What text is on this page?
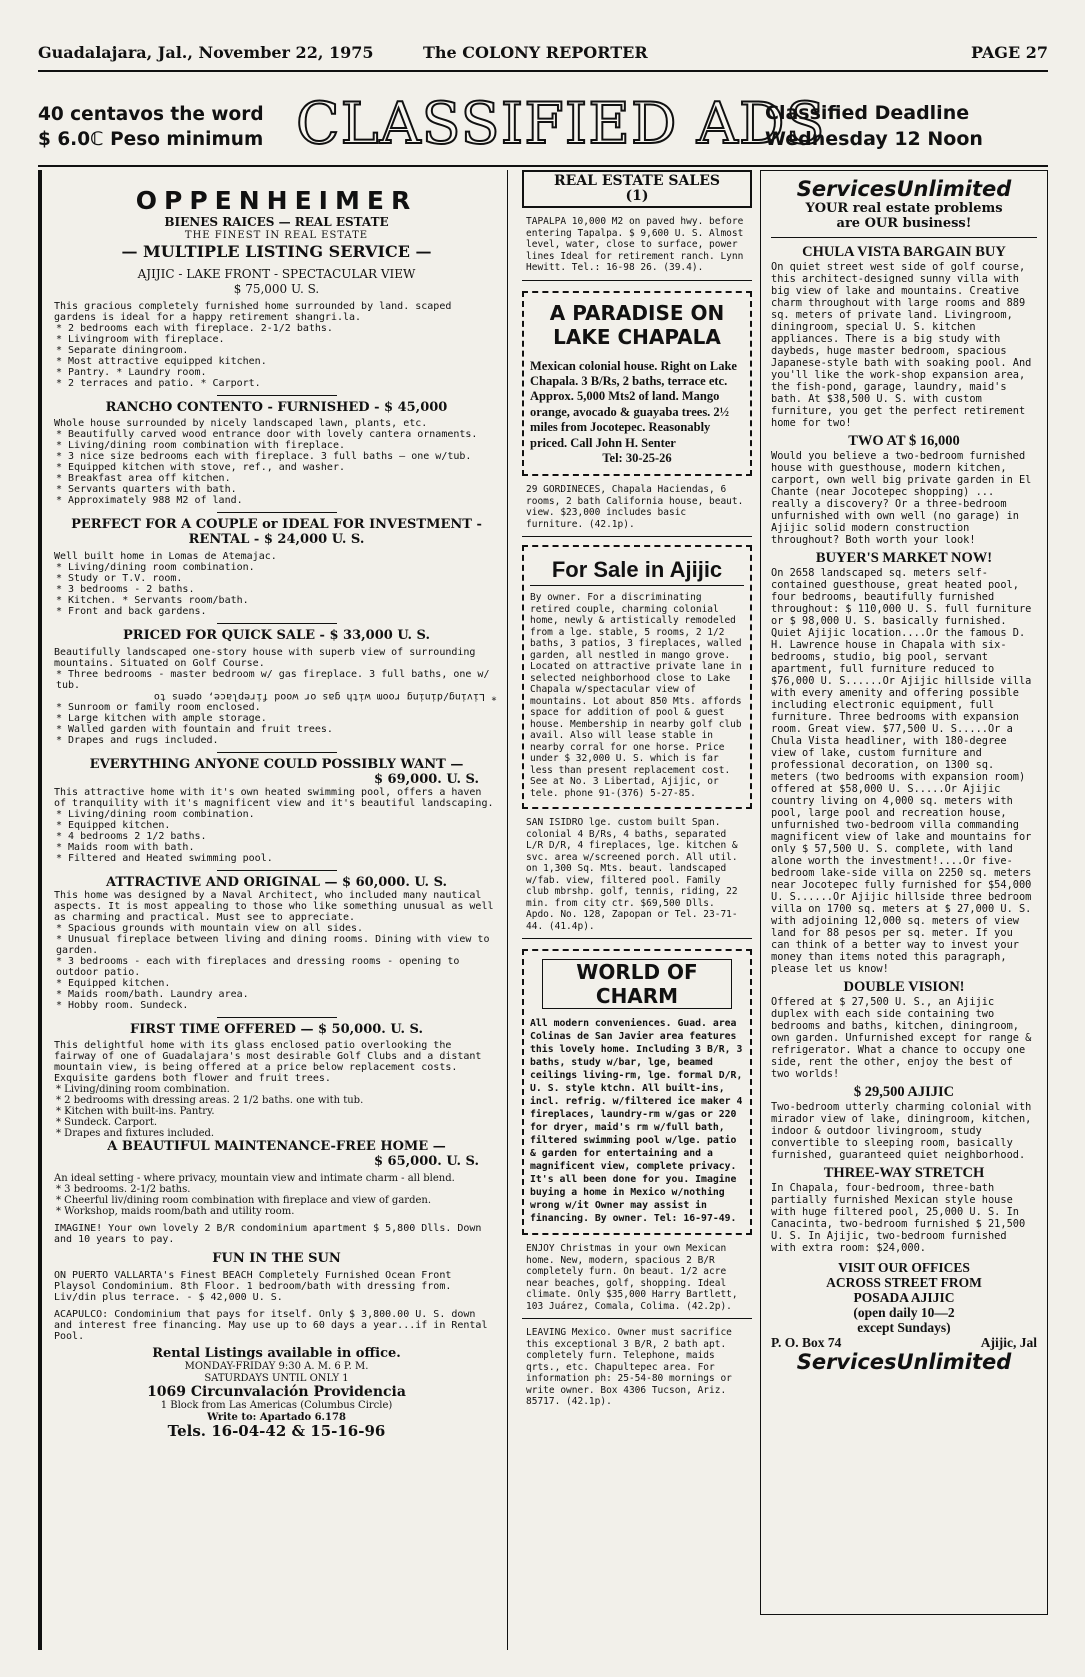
Guadalajara, Jal., November 22, 1975	The COLONY REPORTER	PAGE 27
40 centavos the word
$ 6.0ℂ Peso minimum CLASSIFIED ADS
Classified Deadline
Wednesday 12 Noon
OPPENHEIMER
BIENES RAICES — REAL ESTATE
THE FINEST IN REAL ESTATE
— MULTIPLE LISTING SERVICE —
AJIJIC - LAKE FRONT - SPECTACULAR VIEW
$ 75,000 U. S.
This gracious completely furnished home surrounded by land. scaped gardens is ideal for a happy retirement shangri.la.
* 2 bedrooms each with fireplace. 2-1/2 baths.
* Livingroom with fireplace.
* Separate diningroom.
* Most attractive equipped kitchen.
* Pantry. * Laundry room.
* 2 terraces and patio. * Carport.
RANCHO CONTENTO - FURNISHED - $ 45,000
Whole house surrounded by nicely landscaped lawn, plants, etc.
* Beautifully carved wood entrance door with lovely cantera ornaments.
* Living/dining room combination with fireplace.
* 3 nice size bedrooms each with fireplace. 3 full baths — one w/tub.
* Equipped kitchen with stove, ref., and washer.
* Breakfast area off kitchen.
* Servants quarters with bath.
* Approximately 988 M2 of land.
PERFECT FOR A COUPLE or IDEAL FOR INVESTMENT - RENTAL - $ 24,000 U. S.
Well built home in Lomas de Atemajac.
* Living/dining room combination.
* Study or T.V. room.
* 3 bedrooms - 2 baths.
* Kitchen. * Servants room/bath.
* Front and back gardens.
PRICED FOR QUICK SALE - $ 33,000 U. S.
Beautifully landscaped one-story house with superb view of surrounding mountains. Situated on Golf Course.
* Three bedrooms - master bedroom w/ gas fireplace. 3 full baths, one w/ tub.
* Living/dining room with gas or wood fireplace, opens to
* Sunroom or family room enclosed.
* Large kitchen with ample storage.
* Walled garden with fountain and fruit trees.
* Drapes and rugs included.
EVERYTHING ANYONE COULD POSSIBLY WANT —
$ 69,000. U. S.
This attractive home with it's own heated swimming pool, offers a haven of tranquility with it's magnificent view and it's beautiful landscaping.
* Living/dining room combination.
* Equipped kitchen.
* 4 bedrooms 2 1/2 baths.
* Maids room with bath.
* Filtered and Heated swimming pool.
ATTRACTIVE AND ORIGINAL — $ 60,000. U. S.
This home was designed by a Naval Architect, who included many nautical aspects. It is most appealing to those who like something unusual as well as charming and practical. Must see to appreciate.
* Spacious grounds with mountain view on all sides.
* Unusual fireplace between living and dining rooms. Dining with view to garden.
* 3 bedrooms - each with fireplaces and dressing rooms - opening to outdoor patio.
* Equipped kitchen.
* Maids room/bath. Laundry area.
* Hobby room. Sundeck.
FIRST TIME OFFERED — $ 50,000. U. S.
This delightful home with its glass enclosed patio overlooking the fairway of one of Guadalajara's most desirable Golf Clubs and a distant mountain view, is being offered at a price below replacement costs. Exquisite gardens both flower and fruit trees.
* Living/dining room combination.
* 2 bedrooms with dressing areas. 2 1/2 baths. one with tub.
* Kitchen with built-ins. Pantry.
* Sundeck. Carport.
* Drapes and fixtures included.
A BEAUTIFUL MAINTENANCE-FREE HOME —
$ 65,000. U. S.
An ideal setting - where privacy, mountain view and intimate charm - all blend.
* 3 bedrooms. 2-1/2 baths.
* Cheerful liv/dining room combination with fireplace and view of garden.
* Workshop, maids room/bath and utility room.
IMAGINE! Your own lovely 2 B/R condominium apartment $ 5,800 Dlls. Down and 10 years to pay.
FUN IN THE SUN
ON PUERTO VALLARTA's Finest BEACH Completely Furnished Ocean Front Playsol Condominium. 8th Floor. 1 bedroom/bath with dressing from. Liv/din plus terrace. - $ 42,000 U. S.
ACAPULCO: Condominium that pays for itself. Only $ 3,800.00 U. S. down and interest free financing. May use up to 60 days a year...if in Rental Pool.
Rental Listings available in office.
MONDAY-FRIDAY 9:30 A. M. 6 P. M.
SATURDAYS UNTIL ONLY 1
1069 Circunvalación Providencia
1 Block from Las Americas (Columbus Circle)
Write to: Apartado 6.178
Tels. 16-04-42 & 15-16-96
REAL ESTATE SALES
(1)
TAPALPA 10,000 M2 on paved hwy. before entering Tapalpa. $ 9,600 U. S. Almost level, water, close to surface, power lines Ideal for retirement ranch. Lynn Hewitt. Tel.: 16-98 26. (39.4).
A PARADISE ON LAKE CHAPALA
Mexican colonial house. Right on Lake Chapala. 3 B/Rs, 2 baths, terrace etc. Approx. 5,000 Mts2 of land. Mango orange, avocado & guayaba trees. 2½ miles from Jocotepec. Reasonably priced. Call John H. Senter
Tel: 30-25-26
29 GORDINECES, Chapala Haciendas, 6 rooms, 2 bath California house, beaut. view. $23,000 includes basic furniture. (42.1p).
For Sale in Ajijic
By owner. For a discriminating retired couple, charming colonial home, newly & artistically remodeled from a lge. stable, 5 rooms, 2 1/2 baths, 3 patios, 3 fireplaces, walled garden, all nestled in mango grove. Located on attractive private lane in selected neighborhood close to Lake Chapala w/spectacular view of mountains. Lot about 850 Mts. affords space for addition of pool & guest house. Membership in nearby golf club avail. Also will lease stable in nearby corral for one horse. Price under $ 32,000 U. S. which is far less than present replacement cost. See at No. 3 Libertad, Ajijic, or tele. phone 91-(376) 5-27-85.
SAN ISIDRO lge. custom built Span. colonial 4 B/Rs, 4 baths, separated L/R D/R, 4 fireplaces, lge. kitchen & svc. area w/screened porch. All util. on 1,300 Sq. Mts. beaut. landscaped w/fab. view, filtered pool. Family club mbrshp. golf, tennis, riding, 22 min. from city ctr. $69,500 Dlls. Apdo. No. 128, Zapopan or Tel. 23-71-44. (41.4p).
WORLD OF CHARM
All modern conveniences. Guad. area Colinas de San Javier area features this lovely home. Including 3 B/R, 3 baths, study w/bar, lge, beamed ceilings living-rm, lge. formal D/R, U. S. style ktchn. All built-ins, incl. refrig. w/filtered ice maker 4 fireplaces, laundry-rm w/gas or 220 for dryer, maid's rm w/full bath, filtered swimming pool w/lge. patio & garden for entertaining and a magnificent view, complete privacy. It's all been done for you. Imagine buying a home in Mexico w/nothing wrong w/it Owner may assist in financing. By owner. Tel: 16-97-49.
ENJOY Christmas in your own Mexican home. New, modern, spacious 2 B/R completely furn. On beaut. 1/2 acre near beaches, golf, shopping. Ideal climate. Only $35,000 Harry Bartlett, 103 Juárez, Comala, Colima. (42.2p).
LEAVING Mexico. Owner must sacrifice this exceptional 3 B/R, 2 bath apt. completely furn. Telephone, maids qrts., etc. Chapultepec area. For information ph: 25-54-80 mornings or write owner. Box 4306 Tucson, Ariz. 85717. (42.1p).
ServicesUnlimited
YOUR real estate problems
are OUR business!
CHULA VISTA BARGAIN BUY
On quiet street west side of golf course, this architect-designed sunny villa with big view of lake and mountains. Creative charm throughout with large rooms and 889 sq. meters of private land. Livingroom, diningroom, special U. S. kitchen appliances. There is a big study with daybeds, huge master bedroom, spacious Japanese-style bath with soaking pool. And you'll like the work-shop expansion area, the fish-pond, garage, laundry, maid's bath. At $38,500 U. S. with custom furniture, you get the perfect retirement home for two!
TWO AT $ 16,000
Would you believe a two-bedroom furnished house with guesthouse, modern kitchen, carport, own well big private garden in El Chante (near Jocotepec shopping) ... really a discovery? Or a three-bedroom unfurnished with own well (no garage) in Ajijic solid modern construction throughout? Both worth your look!
BUYER'S MARKET NOW!
On 2658 landscaped sq. meters self-contained guesthouse, great heated pool, four bedrooms, beautifully furnished throughout: $ 110,000 U. S. full furniture or $ 98,000 U. S. basically furnished. Quiet Ajijic location....Or the famous D. H. Lawrence house in Chapala with six-bedrooms, studio, big pool, servant apartment, full furniture reduced to $76,000 U. S......Or Ajijic hillside villa with every amenity and offering possible including electronic equipment, full furniture. Three bedrooms with expansion room. Great view. $77,500 U. S.....Or a Chula Vista headliner, with 180-degree view of lake, custom furniture and professional decoration, on 1300 sq. meters (two bedrooms with expansion room) offered at $58,000 U. S.....Or Ajijic country living on 4,000 sq. meters with pool, large pool and recreation house, unfurnished two-bedroom villa commanding magnificent view of lake and mountains for only $ 57,500 U. S. complete, with land alone worth the investment!....Or five-bedroom lake-side villa on 2250 sq. meters near Jocotepec fully furnished for $54,000 U. S......Or Ajijic hillside three bedroom villa on 1700 sq. meters at $ 27,000 U. S. with adjoining 12,000 sq. meters of view land for 88 pesos per sq. meter. If you can think of a better way to invest your money than items noted this paragraph, please let us know!
DOUBLE VISION!
Offered at $ 27,500 U. S., an Ajijic duplex with each side containing two bedrooms and baths, kitchen, diningroom, own garden. Unfurnished except for range & refrigerator. What a chance to occupy one side, rent the other, enjoy the best of two worlds!
$ 29,500 AJIJIC
Two-bedroom utterly charming colonial with mirador view of lake, diningroom, kitchen, indoor & outdoor livingroom, study convertible to sleeping room, basically furnished, guaranteed quiet neighborhood.
THREE-WAY STRETCH
In Chapala, four-bedroom, three-bath partially furnished Mexican style house with huge filtered pool, 25,000 U. S. In Canacinta, two-bedroom furnished $ 21,500 U. S. In Ajijic, two-bedroom furnished with extra room: $24,000.
VISIT OUR OFFICES
ACROSS STREET FROM
POSADA AJIJIC
(open daily 10—2
except Sundays)
P. O. Box 74	Ajijic, Jal
ServicesUnlimited
